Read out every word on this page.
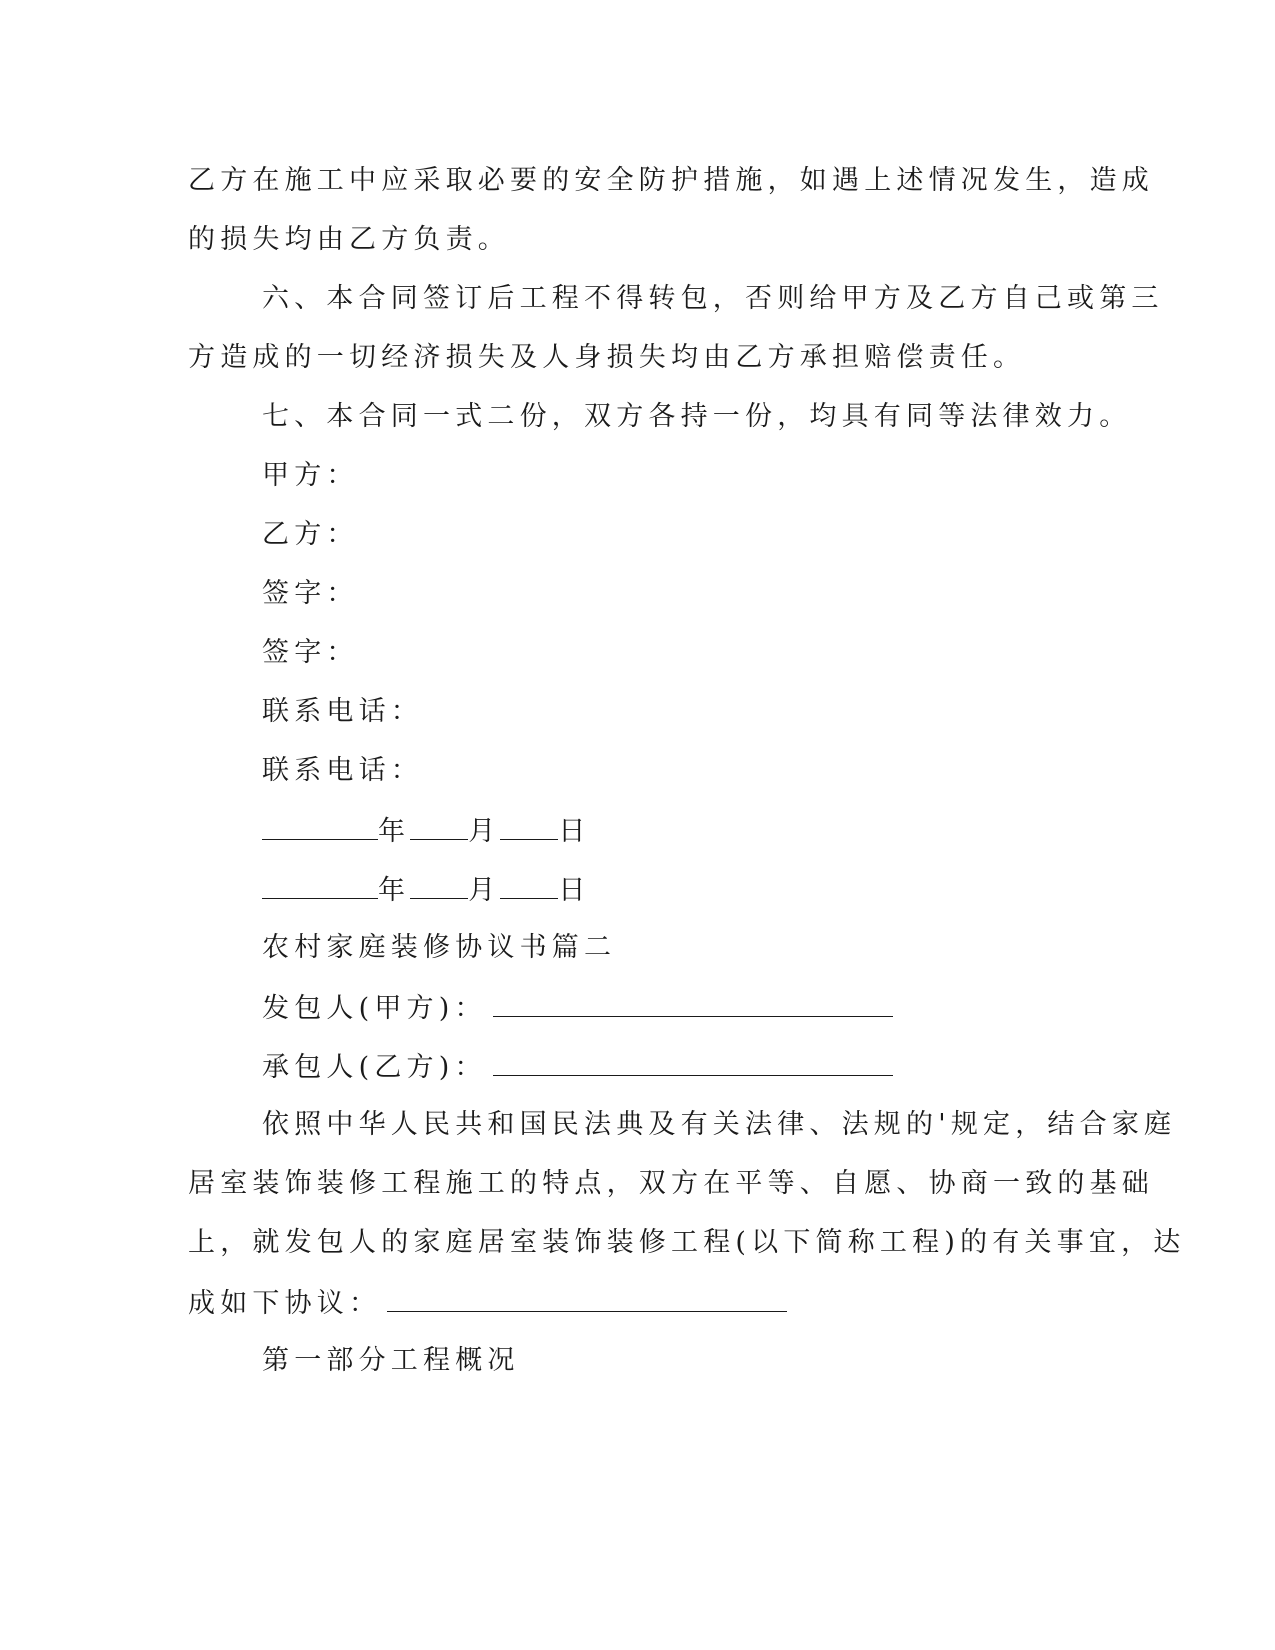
乙方在施工中应采取必要的安全防护措施，如遇上述情况发生，造成
的损失均由乙方负责。
六、本合同签订后工程不得转包，否则给甲方及乙方自己或第三
方造成的一切经济损失及人身损失均由乙方承担赔偿责任。
七、本合同一式二份，双方各持一份，均具有同等法律效力。
甲方：
乙方：
签字：
签字：
联系电话：
联系电话：
年 月 日
年 月 日
农村家庭装修协议书篇二
发包人(甲方)：
承包人(乙方)：
依照中华人民共和国民法典及有关法律、法规的'规定，结合家庭
居室装饰装修工程施工的特点，双方在平等、自愿、协商一致的基础
上，就发包人的家庭居室装饰装修工程(以下简称工程)的有关事宜，达
成如下协议：
第一部分工程概况
